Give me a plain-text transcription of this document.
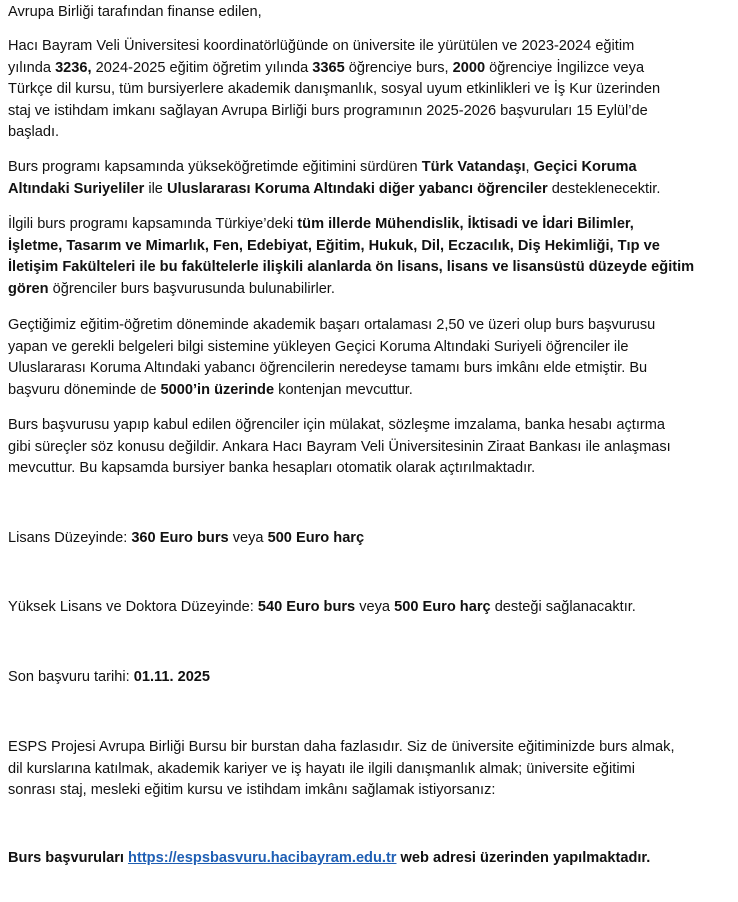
Avrupa Birliği tarafından finanse edilen,

Hacı Bayram Veli Üniversitesi koordinatörlüğünde on üniversite ile yürütülen ve 2023-2024 eğitim
yılında 3236, 2024-2025 eğitim öğretim yılında 3365 öğrenciye burs, 2000 öğrenciye İngilizce veya
Türkçe dil kursu, tüm bursiyerlere akademik danışmanlık, sosyal uyum etkinlikleri ve İş Kur üzerinden
staj ve istihdam imkanı sağlayan Avrupa Birliği burs programının 2025-2026 başvuruları 15 Eylül’de
başladı.

Burs programı kapsamında yükseköğretimde eğitimini sürdüren Türk Vatandaşı, Geçici Koruma
Altındaki Suriyeliler ile Uluslararası Koruma Altındaki diğer yabancı öğrenciler desteklenecektir.

İlgili burs programı kapsamında Türkiye’deki tüm illerde Mühendislik, İktisadi ve İdari Bilimler,
İşletme, Tasarım ve Mimarlık, Fen, Edebiyat, Eğitim, Hukuk, Dil, Eczacılık, Diş Hekimliği, Tıp ve
İletişim Fakülteleri ile bu fakültelerle ilişkili alanlarda ön lisans, lisans ve lisansüstü düzeyde eğitim
gören öğrenciler burs başvurusunda bulunabilirler.

Geçtiğimiz eğitim-öğretim döneminde akademik başarı ortalaması 2,50 ve üzeri olup burs başvurusu
yapan ve gerekli belgeleri bilgi sistemine yükleyen Geçici Koruma Altındaki Suriyeli öğrenciler ile
Uluslararası Koruma Altındaki yabancı öğrencilerin neredeyse tamamı burs imkânı elde etmiştir. Bu
başvuru döneminde de 5000’in üzerinde kontenjan mevcuttur.

Burs başvurusu yapıp kabul edilen öğrenciler için mülakat, sözleşme imzalama, banka hesabı açtırma
gibi süreçler söz konusu değildir. Ankara Hacı Bayram Veli Üniversitesinin Ziraat Bankası ile anlaşması
mevcuttur. Bu kapsamda bursiyer banka hesapları otomatik olarak açtırılmaktadır.

Lisans Düzeyinde: 360 Euro burs veya 500 Euro harç

Yüksek Lisans ve Doktora Düzeyinde: 540 Euro burs veya 500 Euro harç desteği sağlanacaktır.

Son başvuru tarihi: 01.11. 2025

ESPS Projesi Avrupa Birliği Bursu bir burstan daha fazlasıdır. Siz de üniversite eğitiminizde burs almak,
dil kurslarına katılmak, akademik kariyer ve iş hayatı ile ilgili danışmanlık almak; üniversite eğitimi
sonrası staj, mesleki eğitim kursu ve istihdam imkânı sağlamak istiyorsanız:

Burs başvuruları https://espsbasvuru.hacibayram.edu.tr web adresi üzerinden yapılmaktadır.
